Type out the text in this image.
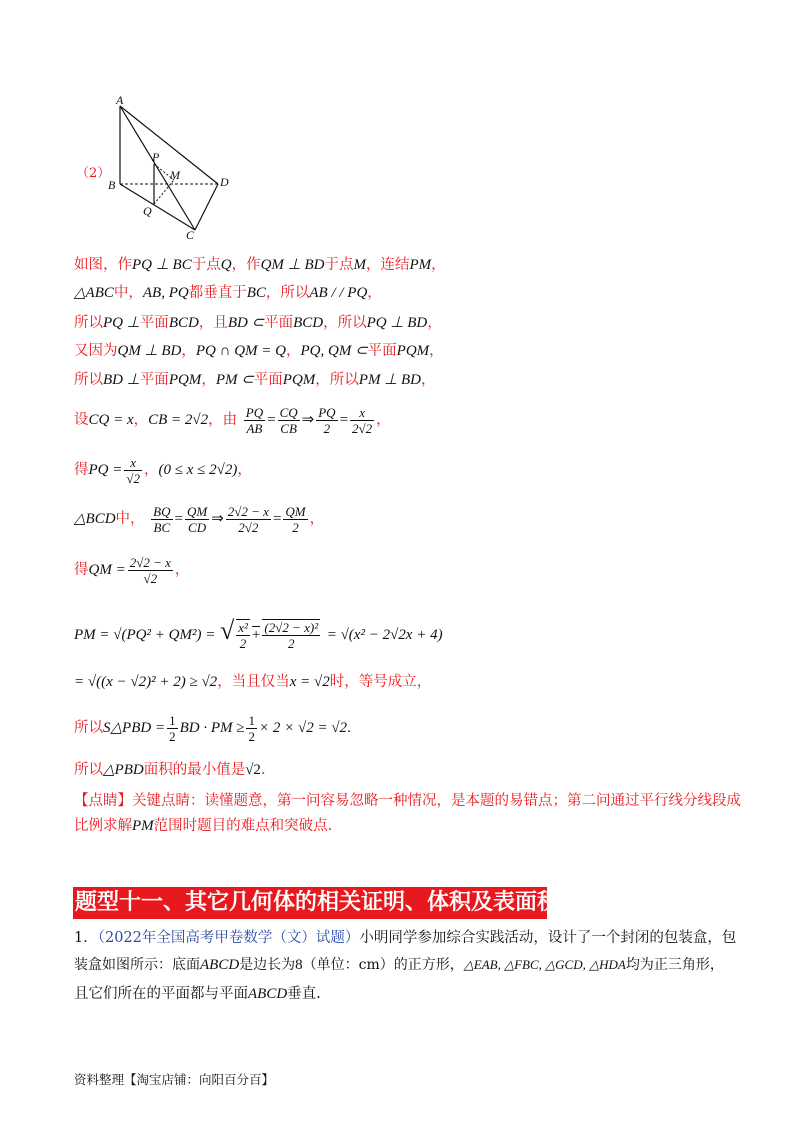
（2）
A
P
M
B	D
Q
C
如图，作PQ ⊥ BC于点Q，作QM ⊥ BD于点M，连结PM，
△ABC中，AB, PQ都垂直于BC，所以AB / / PQ，
所以PQ ⊥平面BCD，且BD ⊂平面BCD，所以PQ ⊥ BD，
又因为QM ⊥ BD，PQ ∩ QM = Q，PQ, QM ⊂平面PQM，
所以BD ⊥平面PQM，PM ⊂平面PQM，所以PM ⊥ BD，
设CQ = x，CB = 2√2，由 $\frac{PQ}{AB} = \frac{CQ}{CB}$ ⇒ $\frac{PQ}{2} = \frac{x}{2√2}$ ，
得PQ = $\frac{x}{√2}$ ，(0 ≤ x ≤ 2√2)，
△BCD中， $\frac{BQ}{BC} = \frac{QM}{CD}$ ⇒ $\frac{2√2 - x}{2√2} = \frac{QM}{2}$ ，
得QM = $\frac{2√2 - x}{√2}$ ，
PM = √(PQ² + QM²) = √ $\frac{\text{x²}}{2} + \frac{\text{(2√2 − x)²}}{2} = √(x^2 - 2√2x + 4)$
= √((x − √2)² + 2) ≥ √2，当且仅当x = √2时，等号成立，
所以S△PBD = $\frac{1}{2}$ BD · PM ≥ $\frac{1}{2} \times 2 \times √2 = √2$.
所以△PBD面积的最小值是√2.
【点睛】关键点睛：读懂题意，第一问容易忽略一种情况，是本题的易错点；第二问通过平行线分线段成
比例求解PM范围时题目的难点和突破点.
题型十一、其它几何体的相关证明、体积及表面积
1．（2022年全国高考甲卷数学（文）试题）小明同学参加综合实践活动，设计了一个封闭的包装盒，包
装盒如图所示：底面ABCD是边长为8（单位：cm）的正方形，△EAB, △FBC, △GCD, △HDA均为正三角形，
且它们所在的平面都与平面ABCD垂直.
资料整理【淘宝店铺：向阳百分百】
